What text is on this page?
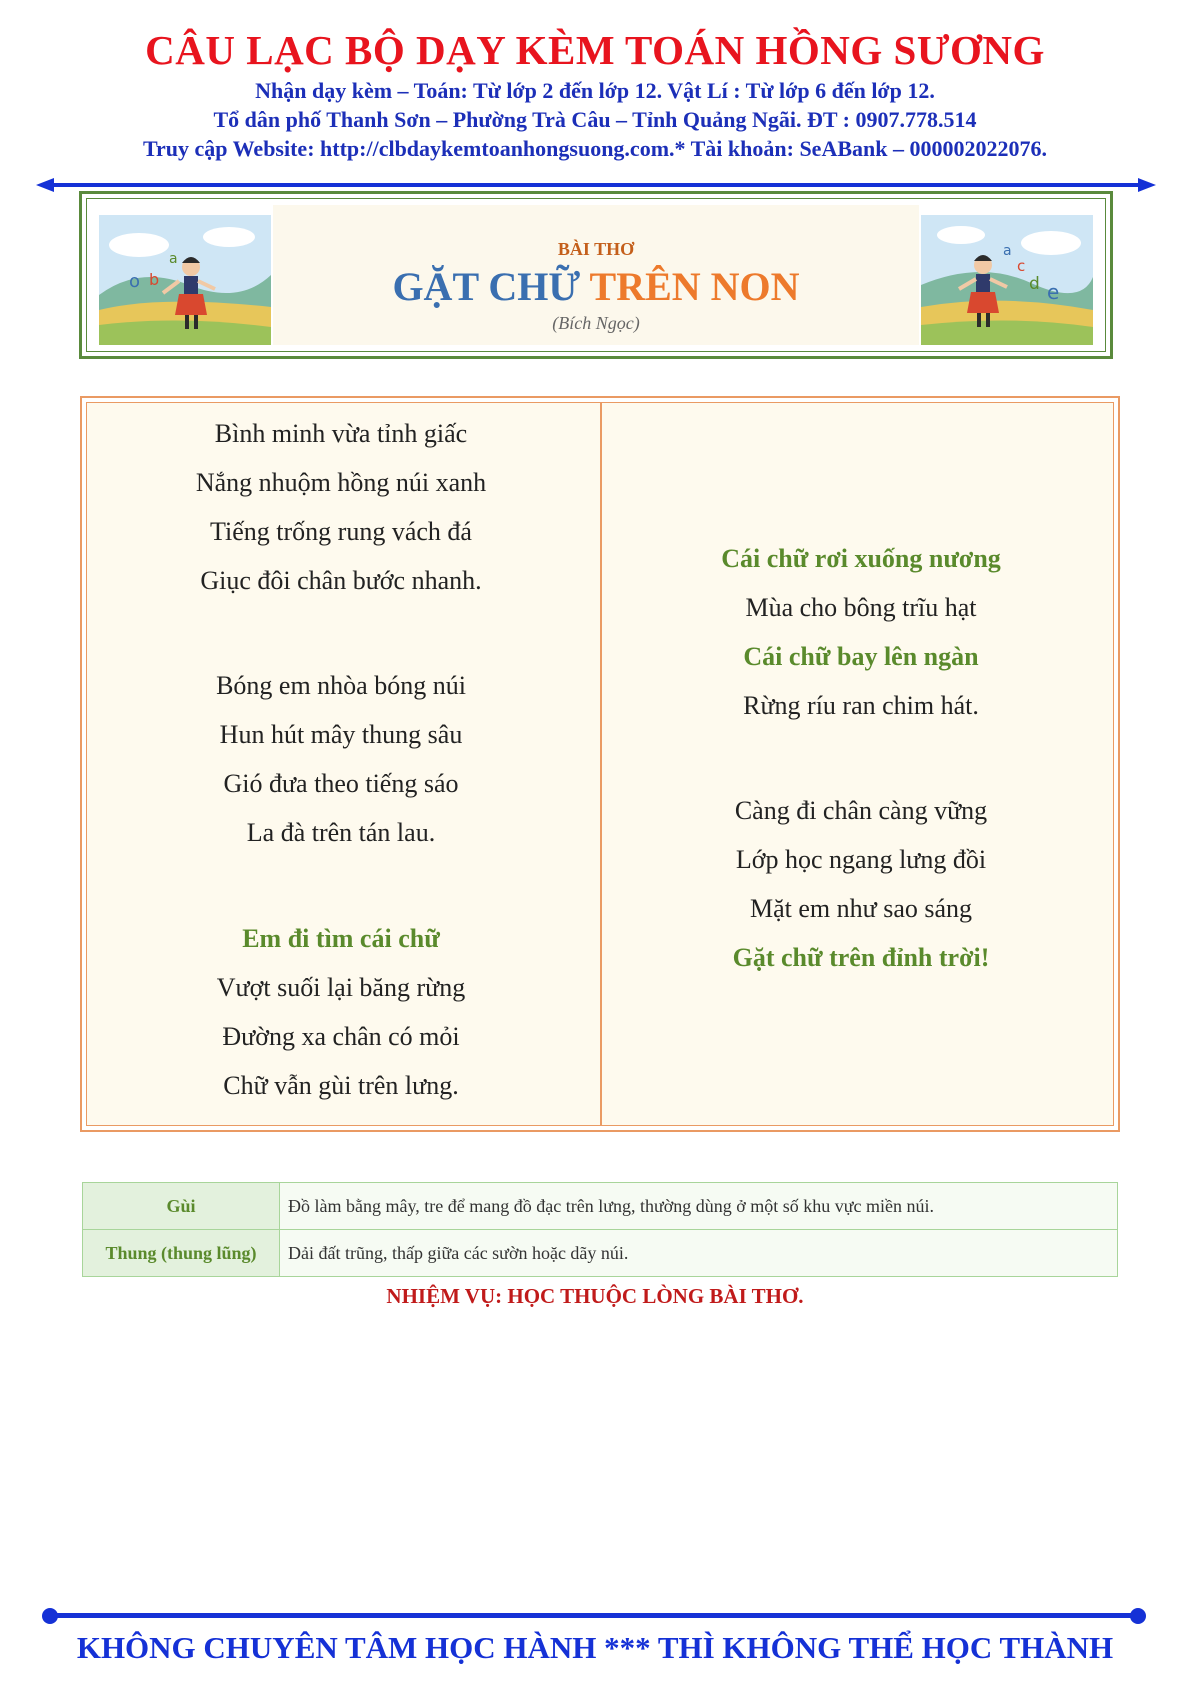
CÂU LẠC BỘ DẠY KÈM TOÁN HỒNG SƯƠNG
Nhận dạy kèm – Toán: Từ lớp 2 đến lớp 12. Vật Lí : Từ lớp 6 đến lớp 12.
Tổ dân phố Thanh Sơn – Phường Trà Câu – Tỉnh Quảng Ngãi. ĐT : 0907.778.514
Truy cập Website: http://clbdaykemtoanhongsuong.com.* Tài khoản: SeABank – 000002022076.
o b
a	BÀI THƠ
GẶT CHỮ TRÊN NON
(Bích Ngọc)
a
c
d e
Bình minh vừa tỉnh giấc
Nắng nhuộm hồng núi xanh
Tiếng trống rung vách đá
Giục đôi chân bước nhanh.
Bóng em nhòa bóng núi
Hun hút mây thung sâu
Gió đưa theo tiếng sáo
La đà trên tán lau.
Em đi tìm cái chữ
Vượt suối lại băng rừng
Đường xa chân có mỏi
Chữ vẫn gùi trên lưng.
Cái chữ rơi xuống nương
Mùa cho bông trĩu hạt
Cái chữ bay lên ngàn
Rừng ríu ran chim hát.
Càng đi chân càng vững
Lớp học ngang lưng đồi
Mặt em như sao sáng
Gặt chữ trên đỉnh trời!
Gùi	Đồ làm bằng mây, tre để mang đồ đạc trên lưng, thường dùng ở một số khu vực miền núi.
Thung (thung lũng)	Dải đất trũng, thấp giữa các sườn hoặc dãy núi.
NHIỆM VỤ: HỌC THUỘC LÒNG BÀI THƠ.
KHÔNG CHUYÊN TÂM HỌC HÀNH *** THÌ KHÔNG THỂ HỌC THÀNH
